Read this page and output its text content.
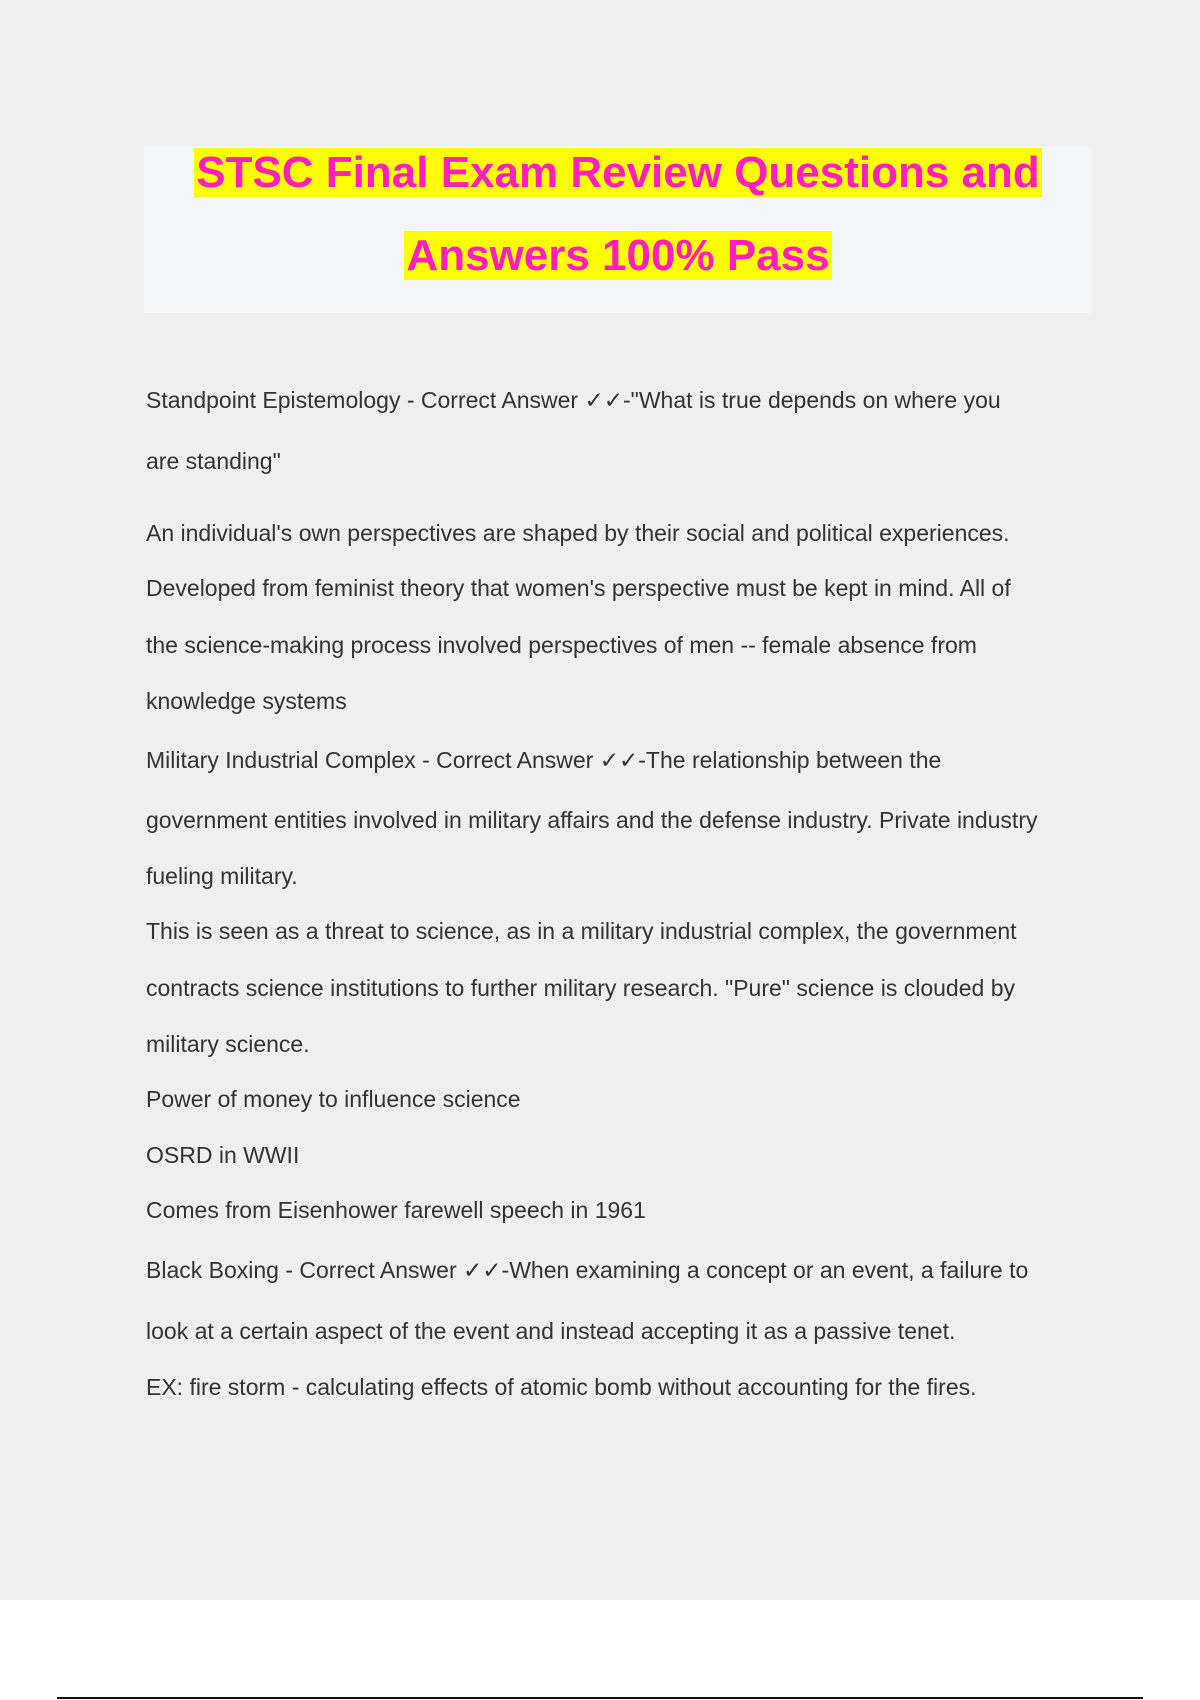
STSC Final Exam Review Questions and
Answers 100% Pass
Standpoint Epistemology - Correct Answer ✓✓-"What is true depends on where you
are standing"
An individual's own perspectives are shaped by their social and political experiences.
Developed from feminist theory that women's perspective must be kept in mind. All of
the science-making process involved perspectives of men -- female absence from
knowledge systems
Military Industrial Complex - Correct Answer ✓✓-The relationship between the
government entities involved in military affairs and the defense industry. Private industry
fueling military.
This is seen as a threat to science, as in a military industrial complex, the government
contracts science institutions to further military research. "Pure" science is clouded by
military science.
Power of money to influence science
OSRD in WWII
Comes from Eisenhower farewell speech in 1961
Black Boxing - Correct Answer ✓✓-When examining a concept or an event, a failure to
look at a certain aspect of the event and instead accepting it as a passive tenet.
EX: fire storm - calculating effects of atomic bomb without accounting for the fires.
